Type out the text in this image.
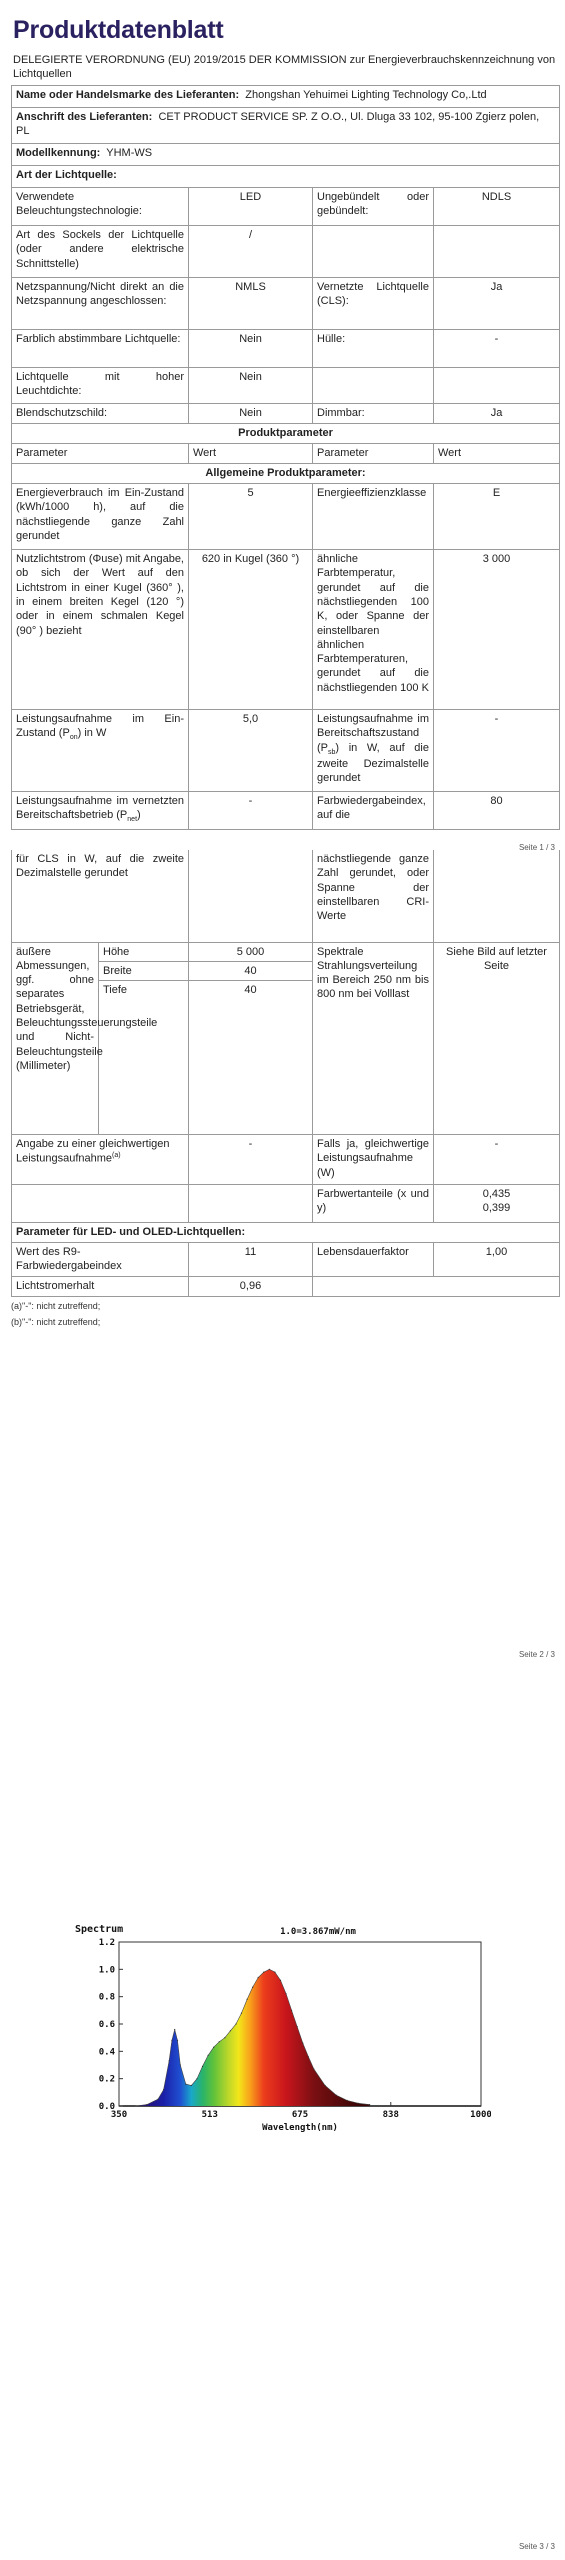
Produktdatenblatt

DELEGIERTE VERORDNUNG (EU) 2019/2015 DER KOMMISSION zur Energieverbrauchskennzeichnung von Lichtquellen

Name oder Handelsmarke des Lieferanten: Zhongshan Yehuimei Lighting Technology Co,.Ltd			
Anschrift des Lieferanten: CET PRODUCT SERVICE SP. Z O.O., Ul. Dluga 33 102, 95-100 Zgierz polen, PL			
Modellkennung: YHM-WS			
Art der Lichtquelle:			
Verwendete Beleuchtungstechnologie:	LED	Ungebündelt oder gebündelt:	NDLS
Art des Sockels der Lichtquelle (oder andere elektrische Schnittstelle)	/		
Netzspannung/Nicht direkt an die Netzspannung angeschlossen:	NMLS	Vernetzte Lichtquelle (CLS):	Ja
Farblich abstimmbare Lichtquelle:	Nein	Hülle:	-
Lichtquelle mit hoher Leuchtdichte:	Nein		
Blendschutzschild:	Nein	Dimmbar:	Ja
Produktparameter			
Parameter	Wert	Parameter	Wert
Allgemeine Produktparameter:			
Energieverbrauch im Ein-Zustand (kWh/1000 h), auf die nächstliegende ganze Zahl gerundet	5	Energieeffizienzklasse	E
Nutzlichtstrom (Φuse) mit Angabe, ob sich der Wert auf den Lichtstrom in einer Kugel (360° ), in einem breiten Kegel (120 °) oder in einem schmalen Kegel (90° ) bezieht	620 in Kugel (360 °)	ähnliche Farbtemperatur, gerundet auf die nächstliegenden 100 K, oder Spanne der einstellbaren ähnlichen Farbtemperaturen, gerundet auf die nächstliegenden 100 K	3 000
Leistungsaufnahme im Ein-Zustand $(P_{on})$ in W	5,0	Leistungsaufnahme im Bereitschaftszustand $(P_{sb})$ in W, auf die zweite Dezimalstelle gerundet	-
Leistungsaufnahme im vernetzten Bereitschaftsbetrieb $(P_{net})$	-	Farbwiedergabeindex, auf die	80
Seite 1 / 3
für CLS in W, auf die zweite Dezimalstelle gerundet			nächstliegende ganze Zahl gerundet, oder Spanne der einstellbaren CRI-Werte	
äußere Abmessungen, ggf. ohne separates Betriebsgerät, Beleuchtungssteuerungsteile und Nicht-Beleuchtungsteile (Millimeter)	Höhe	5 000	Spektrale Strahlungsverteilung im Bereich 250 nm bis 800 nm bei Volllast	Siehe Bild auf letzter Seite
	Breite	40		
	Tiefe	40		
Angabe zu einer gleichwertigen Leistungsaufnahme$^{(a)}$		-	Falls ja, gleichwertige Leistungsaufnahme (W)	-
			Farbwertanteile (x und y)	0,435
0,399

Parameter für LED- und OLED-Lichtquellen:				
Wert des R9-Farbwiedergabeindex		11	Lebensdauerfaktor	1,00
Lichtstromerhalt		0,96		
(a)"-": nicht zutreffend;
(b)"-": nicht zutreffend;
Seite 2 / 3
0.0
0.2
0.4
0.6
0.8
1.0
1.2
350	513	675	838	1000
Spectrum	1.0=3.867mW/nm
Wavelength(nm)
Seite 3 / 3
